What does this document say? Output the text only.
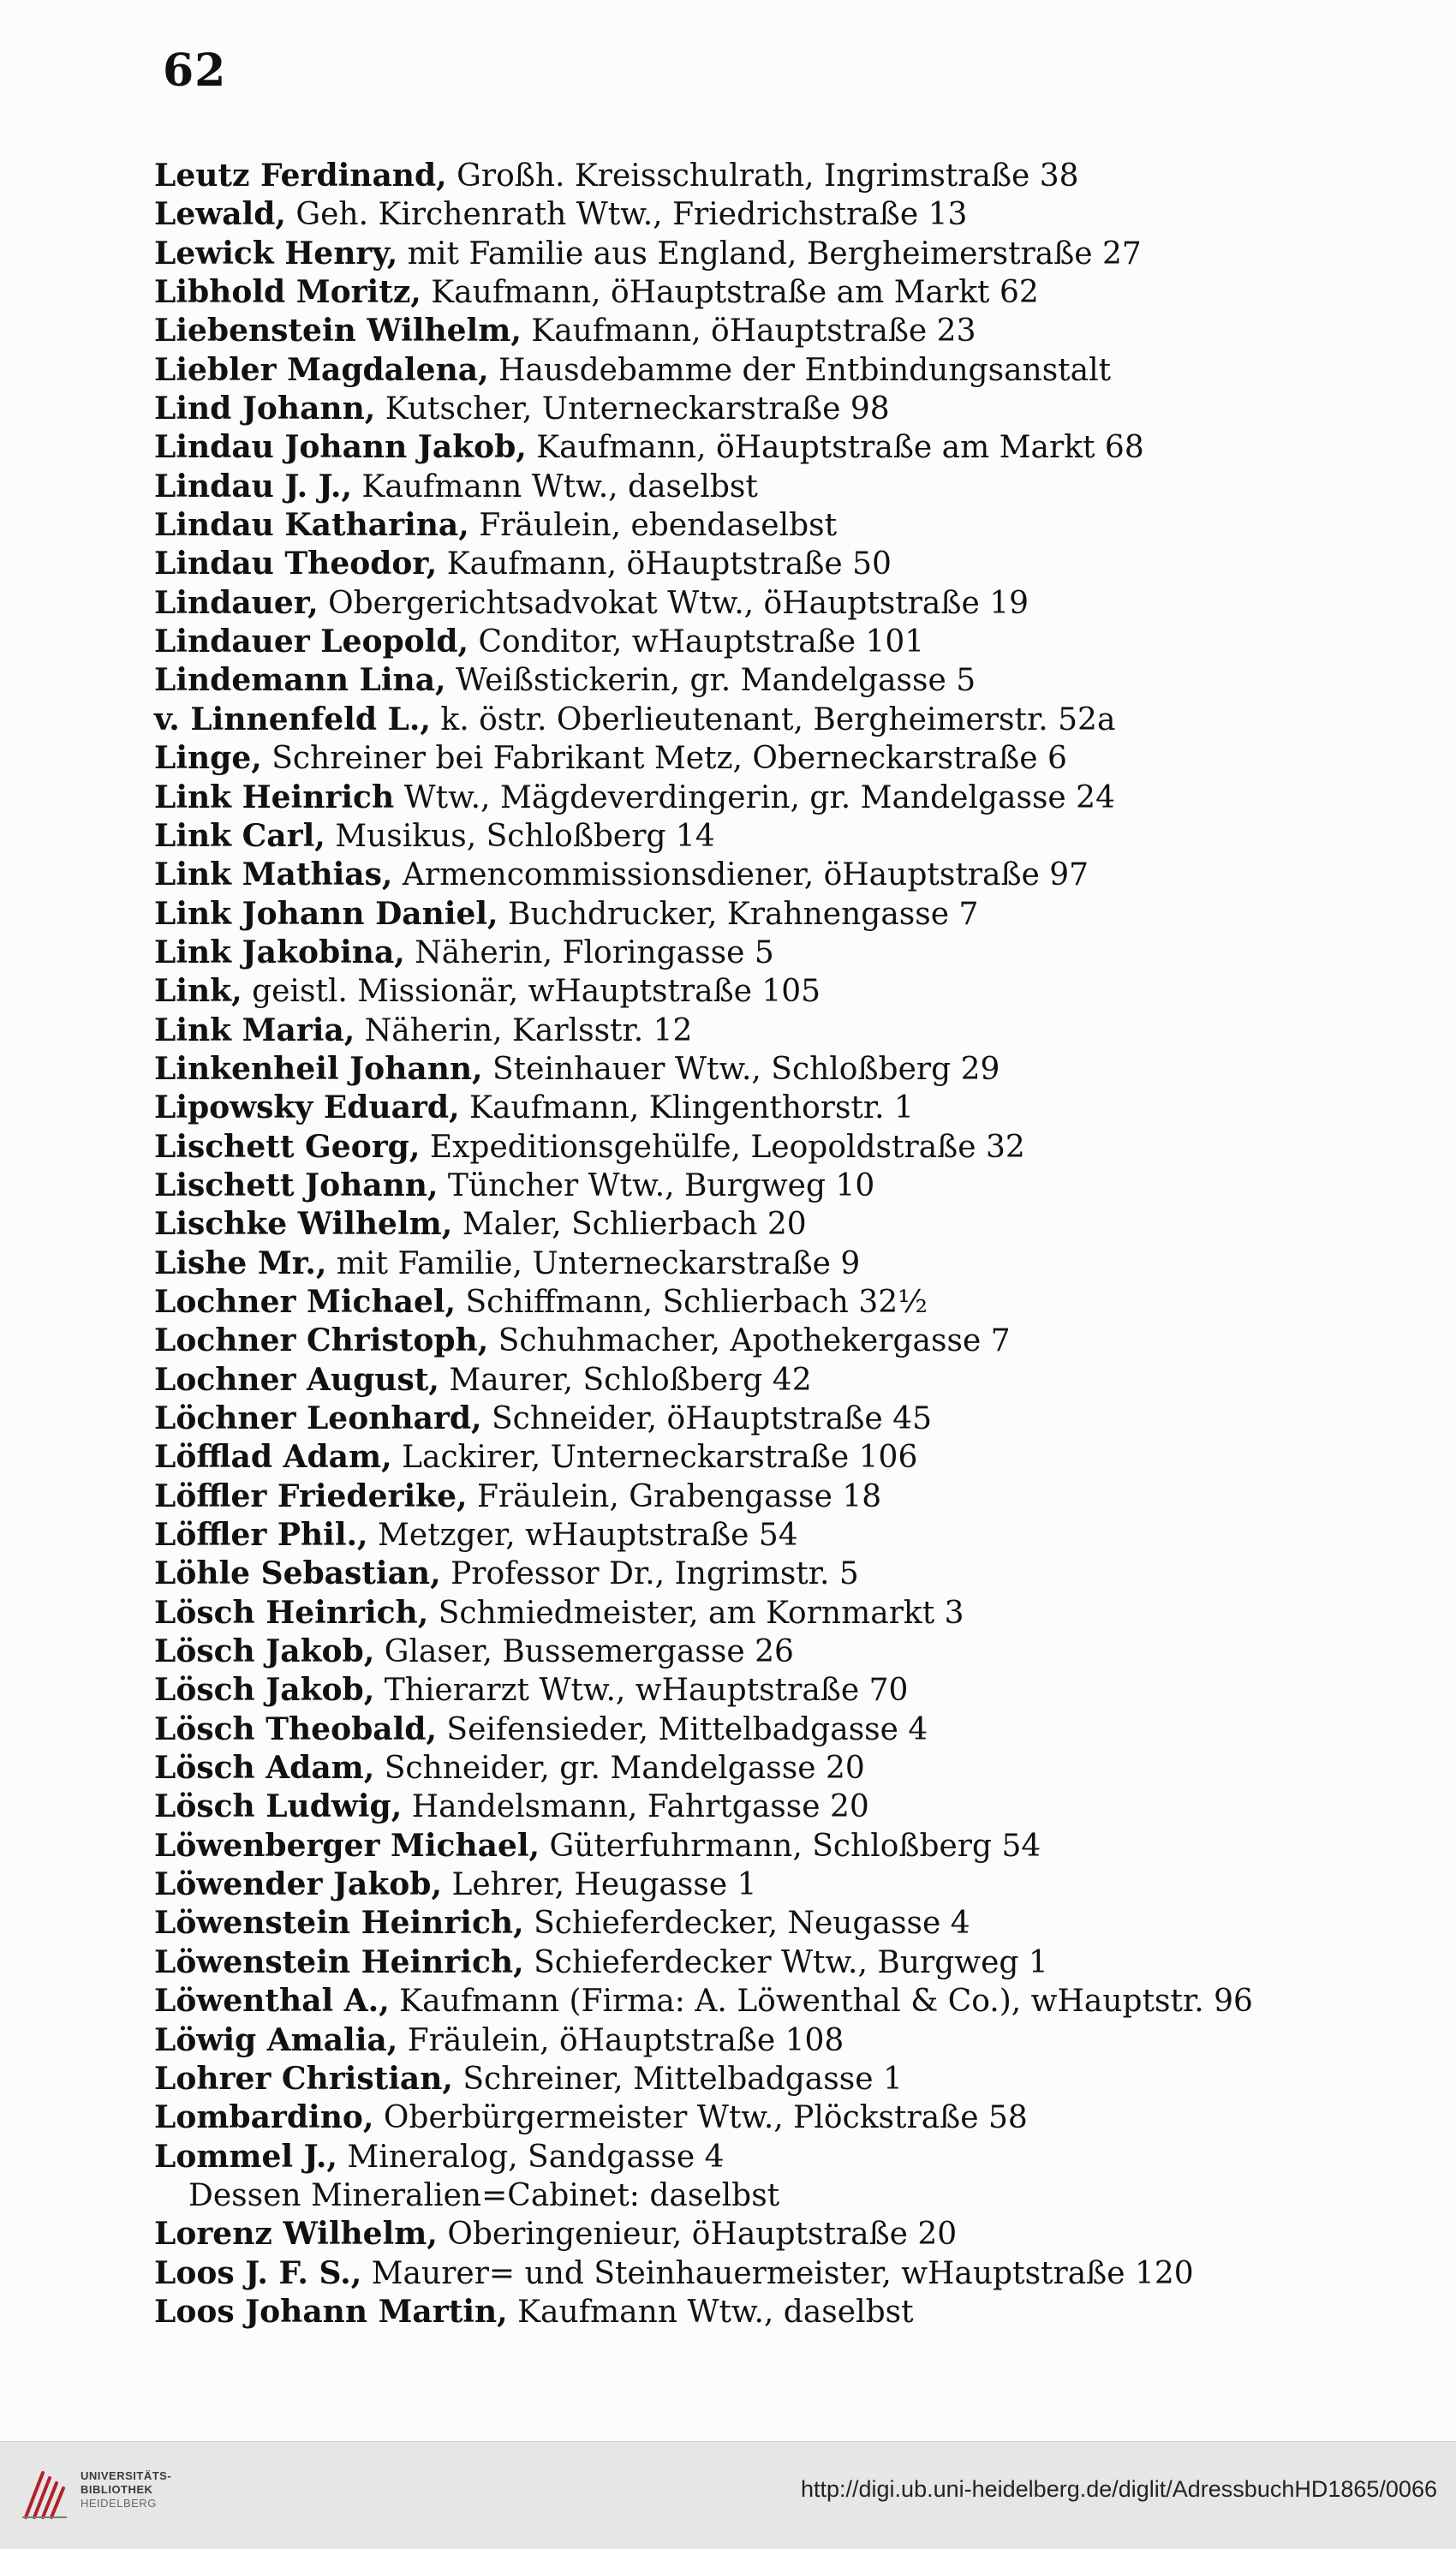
62
Leutz Ferdinand, Großh. Kreisschulrath, Ingrimstraße 38
Lewald, Geh. Kirchenrath Wtw., Friedrichstraße 13
Lewick Henry, mit Familie aus England, Bergheimerstraße 27
Libhold Moritz, Kaufmann, öHauptstraße am Markt 62
Liebenstein Wilhelm, Kaufmann, öHauptstraße 23
Liebler Magdalena, Hausdebamme der Entbindungsanstalt
Lind Johann, Kutscher, Unterneckarstraße 98
Lindau Johann Jakob, Kaufmann, öHauptstraße am Markt 68
Lindau J. J., Kaufmann Wtw., daselbst
Lindau Katharina, Fräulein, ebendaselbst
Lindau Theodor, Kaufmann, öHauptstraße 50
Lindauer, Obergerichtsadvokat Wtw., öHauptstraße 19
Lindauer Leopold, Conditor, wHauptstraße 101
Lindemann Lina, Weißstickerin, gr. Mandelgasse 5
v. Linnenfeld L., k. östr. Oberlieutenant, Bergheimerstr. 52a
Linge, Schreiner bei Fabrikant Metz, Oberneckarstraße 6
Link Heinrich Wtw., Mägdeverdingerin, gr. Mandelgasse 24
Link Carl, Musikus, Schloßberg 14
Link Mathias, Armencommissionsdiener, öHauptstraße 97
Link Johann Daniel, Buchdrucker, Krahnengasse 7
Link Jakobina, Näherin, Floringasse 5
Link, geistl. Missionär, wHauptstraße 105
Link Maria, Näherin, Karlsstr. 12
Linkenheil Johann, Steinhauer Wtw., Schloßberg 29
Lipowsky Eduard, Kaufmann, Klingenthorstr. 1
Lischett Georg, Expeditionsgehülfe, Leopoldstraße 32
Lischett Johann, Tüncher Wtw., Burgweg 10
Lischke Wilhelm, Maler, Schlierbach 20
Lishe Mr., mit Familie, Unterneckarstraße 9
Lochner Michael, Schiffmann, Schlierbach 32½
Lochner Christoph, Schuhmacher, Apothekergasse 7
Lochner August, Maurer, Schloßberg 42
Löchner Leonhard, Schneider, öHauptstraße 45
Löfflad Adam, Lackirer, Unterneckarstraße 106
Löffler Friederike, Fräulein, Grabengasse 18
Löffler Phil., Metzger, wHauptstraße 54
Löhle Sebastian, Professor Dr., Ingrimstr. 5
Lösch Heinrich, Schmiedmeister, am Kornmarkt 3
Lösch Jakob, Glaser, Bussemergasse 26
Lösch Jakob, Thierarzt Wtw., wHauptstraße 70
Lösch Theobald, Seifensieder, Mittelbadgasse 4
Lösch Adam, Schneider, gr. Mandelgasse 20
Lösch Ludwig, Handelsmann, Fahrtgasse 20
Löwenberger Michael, Güterfuhrmann, Schloßberg 54
Löwender Jakob, Lehrer, Heugasse 1
Löwenstein Heinrich, Schieferdecker, Neugasse 4
Löwenstein Heinrich, Schieferdecker Wtw., Burgweg 1
Löwenthal A., Kaufmann (Firma: A. Löwenthal & Co.), wHauptstr. 96
Löwig Amalia, Fräulein, öHauptstraße 108
Lohrer Christian, Schreiner, Mittelbadgasse 1
Lombardino, Oberbürgermeister Wtw., Plöckstraße 58
Lommel J., Mineralog, Sandgasse 4
Dessen Mineralien=Cabinet: daselbst
Lorenz Wilhelm, Oberingenieur, öHauptstraße 20
Loos J. F. S., Maurer= und Steinhauermeister, wHauptstraße 120
Loos Johann Martin, Kaufmann Wtw., daselbst
UNIVERSITÄTS-
BIBLIOTHEK
HEIDELBERG
http://digi.ub.uni-heidelberg.de/diglit/AdressbuchHD1865/0066
